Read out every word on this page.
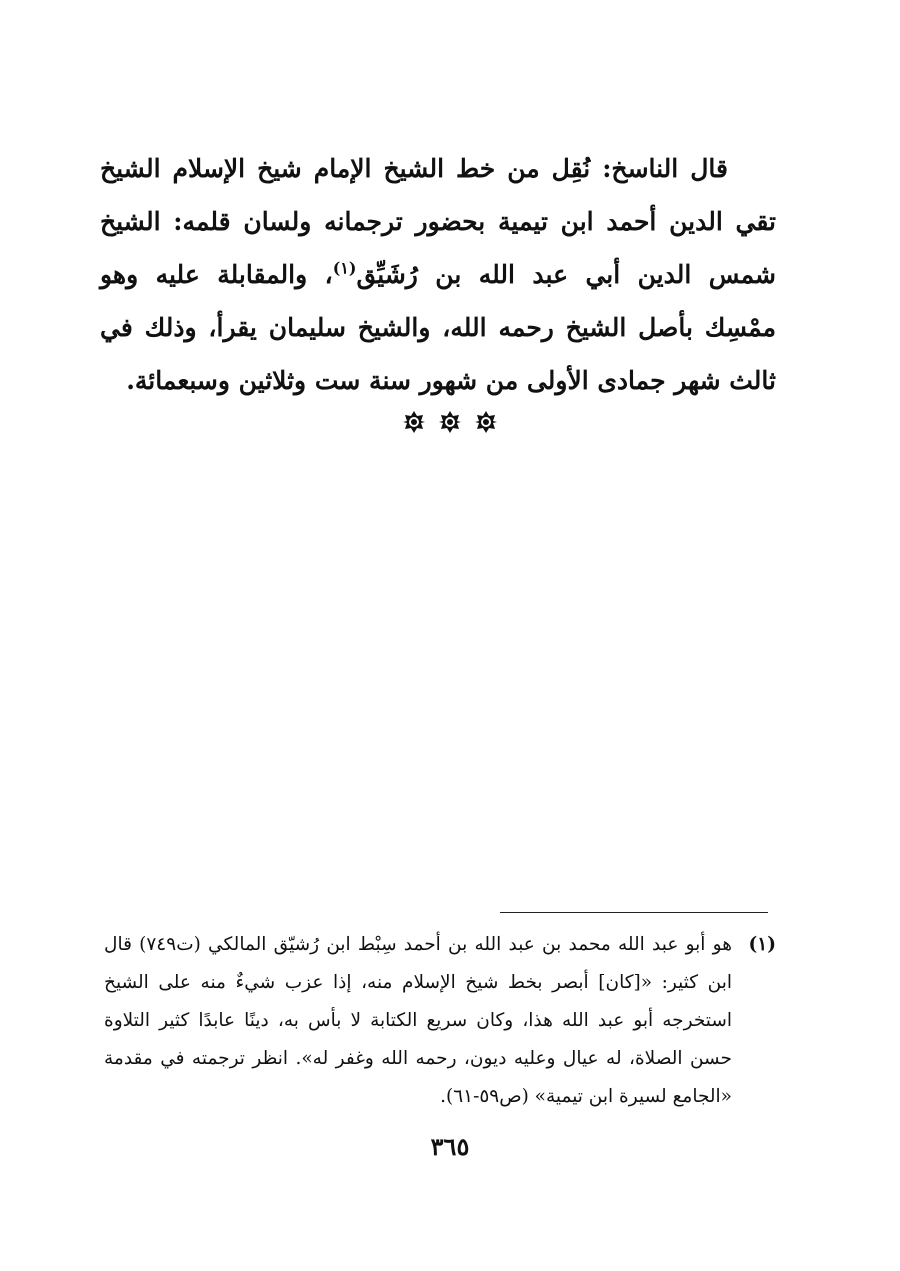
قال الناسخ: نُقِل من خط الشيخ الإمام شيخ الإسلام الشيخ تقي الدين أحمد ابن تيمية بحضور ترجمانه ولسان قلمه: الشيخ شمس الدين أبي عبد الله بن رُشَيِّق$^{(١)}$، والمقابلة عليه وهو ممْسِك بأصل الشيخ رحمه الله، والشيخ سليمان يقرأ، وذلك في ثالث شهر جمادى الأولى من شهور سنة ست وثلاثين وسبعمائة.

(١)
هو أبو عبد الله محمد بن عبد الله بن أحمد سِبْط ابن رُشيّق المالكي (ت٧٤٩) قال ابن كثير: «[كان] أبصر بخط شيخ الإسلام منه، إذا عزب شيءٌ منه على الشيخ استخرجه أبو عبد الله هذا، وكان سريع الكتابة لا بأس به، دينًا عابدًا كثير التلاوة حسن الصلاة، له عيال وعليه ديون، رحمه الله وغفر له». انظر ترجمته في مقدمة «الجامع لسيرة ابن تيمية» (ص٥٩-٦١).
٣٦٥
